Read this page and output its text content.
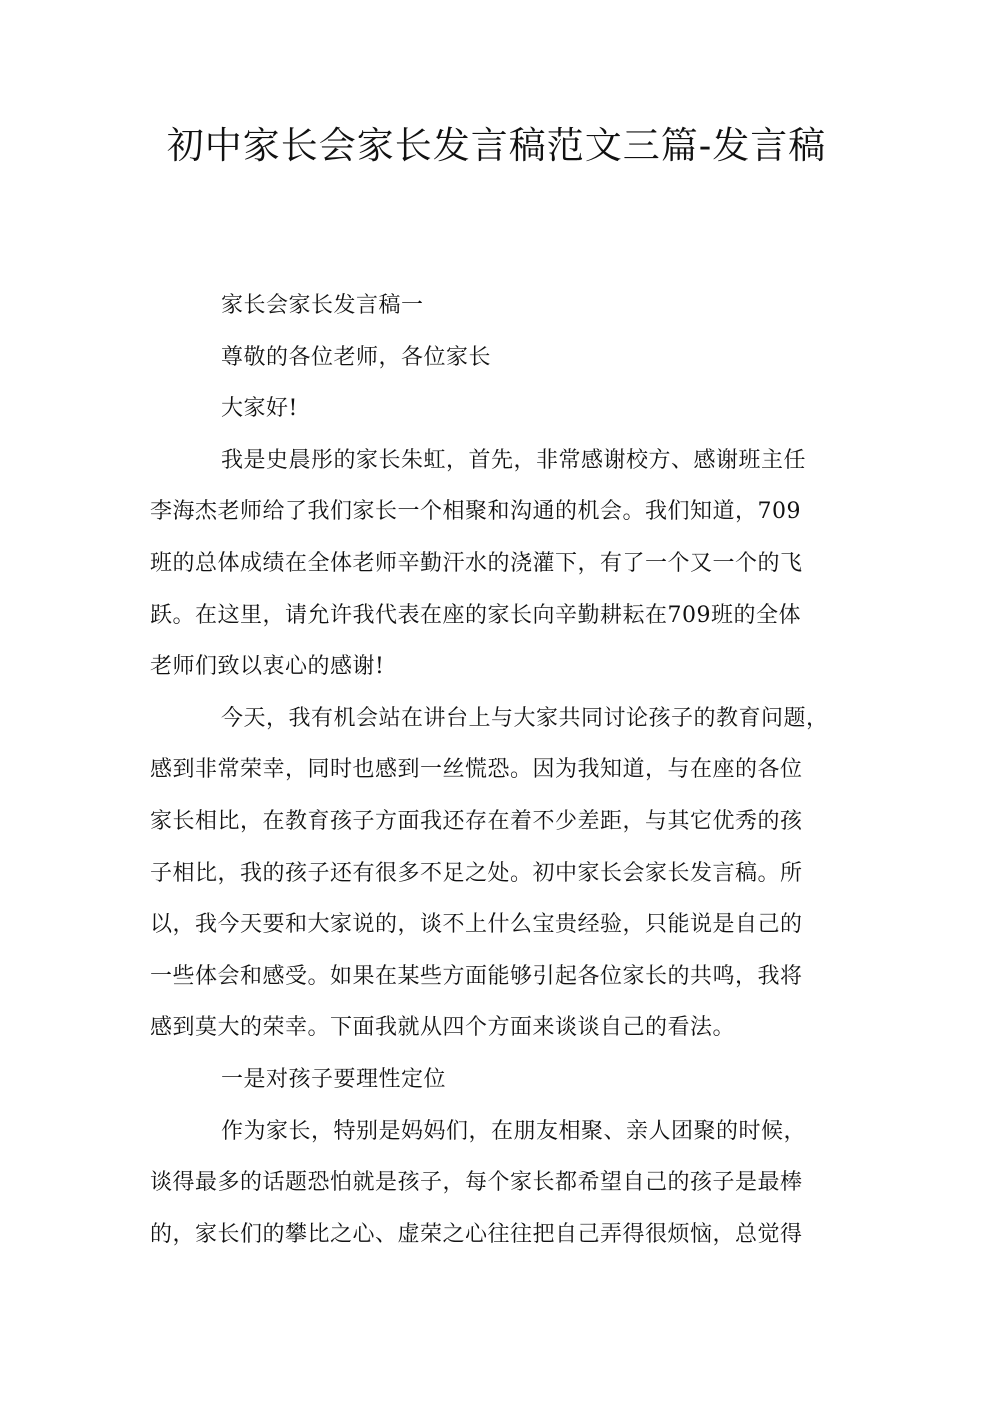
初中家长会家长发言稿范文三篇-发言稿
家长会家长发言稿一
尊敬的各位老师，各位家长
大家好!
我是史晨彤的家长朱虹，首先，非常感谢校方、感谢班主任
李海杰老师给了我们家长一个相聚和沟通的机会。我们知道，709
班的总体成绩在全体老师辛勤汗水的浇灌下，有了一个又一个的飞
跃。在这里，请允许我代表在座的家长向辛勤耕耘在709班的全体
老师们致以衷心的感谢!
今天，我有机会站在讲台上与大家共同讨论孩子的教育问题，
感到非常荣幸，同时也感到一丝慌恐。因为我知道，与在座的各位
家长相比，在教育孩子方面我还存在着不少差距，与其它优秀的孩
子相比，我的孩子还有很多不足之处。初中家长会家长发言稿。所
以，我今天要和大家说的，谈不上什么宝贵经验，只能说是自己的
一些体会和感受。如果在某些方面能够引起各位家长的共鸣，我将
感到莫大的荣幸。下面我就从四个方面来谈谈自己的看法。
一是对孩子要理性定位
作为家长，特别是妈妈们，在朋友相聚、亲人团聚的时候，
谈得最多的话题恐怕就是孩子，每个家长都希望自己的孩子是最棒
的，家长们的攀比之心、虚荣之心往往把自己弄得很烦恼，总觉得
